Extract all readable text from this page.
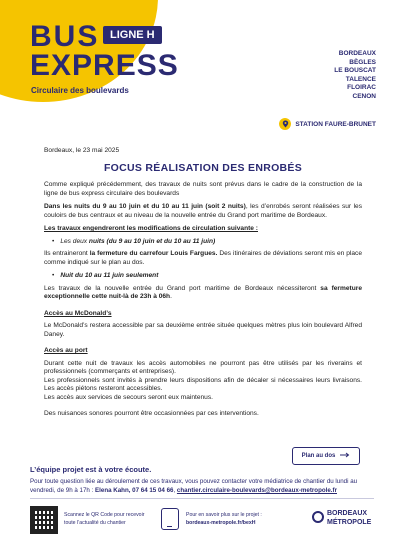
BUS LIGNE H
EXPRESS
Circulaire des boulevards
BORDEAUX
BÈGLES
LE BOUSCAT
TALENCE
FLOIRAC
CENON
STATION FAURE-BRUNET
Bordeaux, le 23 mai 2025
FOCUS RÉALISATION DES ENROBÉS

Comme expliqué précédemment, des travaux de nuits sont prévus dans le cadre de la construction de la ligne de bus express circulaire des boulevards

Dans les nuits du 9 au 10 juin et du 10 au 11 juin (soit 2 nuits), les d’enrobés seront réalisées sur les couloirs de bus centraux et au niveau de la nouvelle entrée du Grand port maritime de Bordeaux.

Les travaux engendreront les modifications de circulation suivante :
• Les deux nuits (du 9 au 10 juin et du 10 au 11 juin)

Ils entraineront la fermeture du carrefour Louis Fargues. Des itinéraires de déviations seront mis en place comme indiqué sur le plan au dos.

• Nuit du 10 au 11 juin seulement

Les travaux de la nouvelle entrée du Grand port maritime de Bordeaux nécessiteront sa fermeture exceptionnelle cette nuit-là de 23h à 06h.

Accès au McDonald’s

Le McDonald’s restera accessible par sa deuxième entrée située quelques mètres plus loin boulevard Alfred Daney.

Accès au port

Durant cette nuit de travaux les accès automobiles ne pourront pas être utilisés par les riverains et professionnels (commerçants et entreprises).
Les professionnels sont invités à prendre leurs dispositions afin de décaler si nécessaires leurs livraisons. Les accès piétons resteront accessibles.
Les accès aux services de secours seront eux maintenus.

Des nuisances sonores pourront être occasionnées par ces interventions.

Plan au dos
L’équipe projet est à votre écoute.
Pour toute question liée au déroulement de ces travaux, vous pouvez contacter votre médiatrice de chantier du lundi au vendredi, de 9h à 17h : Elena Kahn, 07 64 15 04 66, chantier.circulaire-boulevards@bordeaux-metropole.fr
Scannez le QR Code pour recevoir
toute l’actualité du chantier
Pour en savoir plus sur le projet :
bordeaux-metropole.fr/bexH
BORDEAUX
MÉTROPOLE
